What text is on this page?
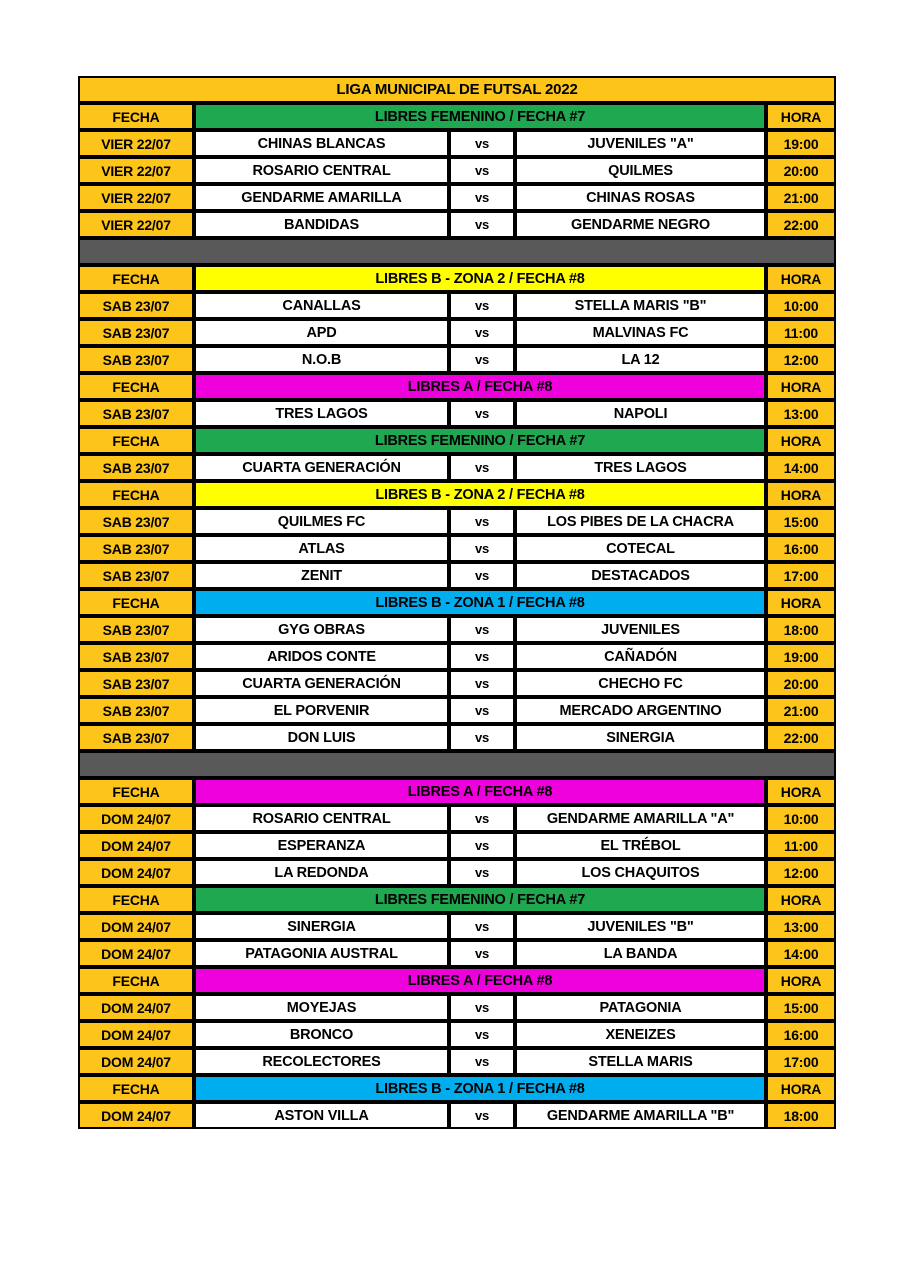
LIGA MUNICIPAL DE FUTSAL 2022				
FECHA	LIBRES FEMENINO / FECHA #7			HORA
VIER 22/07	CHINAS BLANCAS	vs	JUVENILES "A"	19:00
VIER 22/07	ROSARIO CENTRAL	vs	QUILMES	20:00
VIER 22/07	GENDARME AMARILLA	vs	CHINAS ROSAS	21:00
VIER 22/07	BANDIDAS	vs	GENDARME NEGRO	22:00

FECHA	LIBRES B - ZONA 2 / FECHA #8			HORA
SAB 23/07	CANALLAS	vs	STELLA MARIS "B"	10:00
SAB 23/07	APD	vs	MALVINAS FC	11:00
SAB 23/07	N.O.B	vs	LA 12	12:00
FECHA	LIBRES A / FECHA #8			HORA
SAB 23/07	TRES LAGOS	vs	NAPOLI	13:00
FECHA	LIBRES FEMENINO / FECHA #7			HORA
SAB 23/07	CUARTA GENERACIÓN	vs	TRES LAGOS	14:00
FECHA	LIBRES B - ZONA 2 / FECHA #8			HORA
SAB 23/07	QUILMES FC	vs	LOS PIBES DE LA CHACRA	15:00
SAB 23/07	ATLAS	vs	COTECAL	16:00
SAB 23/07	ZENIT	vs	DESTACADOS	17:00
FECHA	LIBRES B - ZONA 1 / FECHA #8			HORA
SAB 23/07	GYG OBRAS	vs	JUVENILES	18:00
SAB 23/07	ARIDOS CONTE	vs	CAÑADÓN	19:00
SAB 23/07	CUARTA GENERACIÓN	vs	CHECHO FC	20:00
SAB 23/07	EL PORVENIR	vs	MERCADO ARGENTINO	21:00
SAB 23/07	DON LUIS	vs	SINERGIA	22:00

FECHA	LIBRES A / FECHA #8			HORA
DOM 24/07	ROSARIO CENTRAL	vs	GENDARME AMARILLA "A"	10:00
DOM 24/07	ESPERANZA	vs	EL TRÉBOL	11:00
DOM 24/07	LA REDONDA	vs	LOS CHAQUITOS	12:00
FECHA	LIBRES FEMENINO / FECHA #7			HORA
DOM 24/07	SINERGIA	vs	JUVENILES "B"	13:00
DOM 24/07	PATAGONIA AUSTRAL	vs	LA BANDA	14:00
FECHA	LIBRES A / FECHA #8			HORA
DOM 24/07	MOYEJAS	vs	PATAGONIA	15:00
DOM 24/07	BRONCO	vs	XENEIZES	16:00
DOM 24/07	RECOLECTORES	vs	STELLA MARIS	17:00
FECHA	LIBRES B - ZONA 1 / FECHA #8			HORA
DOM 24/07	ASTON VILLA	vs	GENDARME AMARILLA "B"	18:00
